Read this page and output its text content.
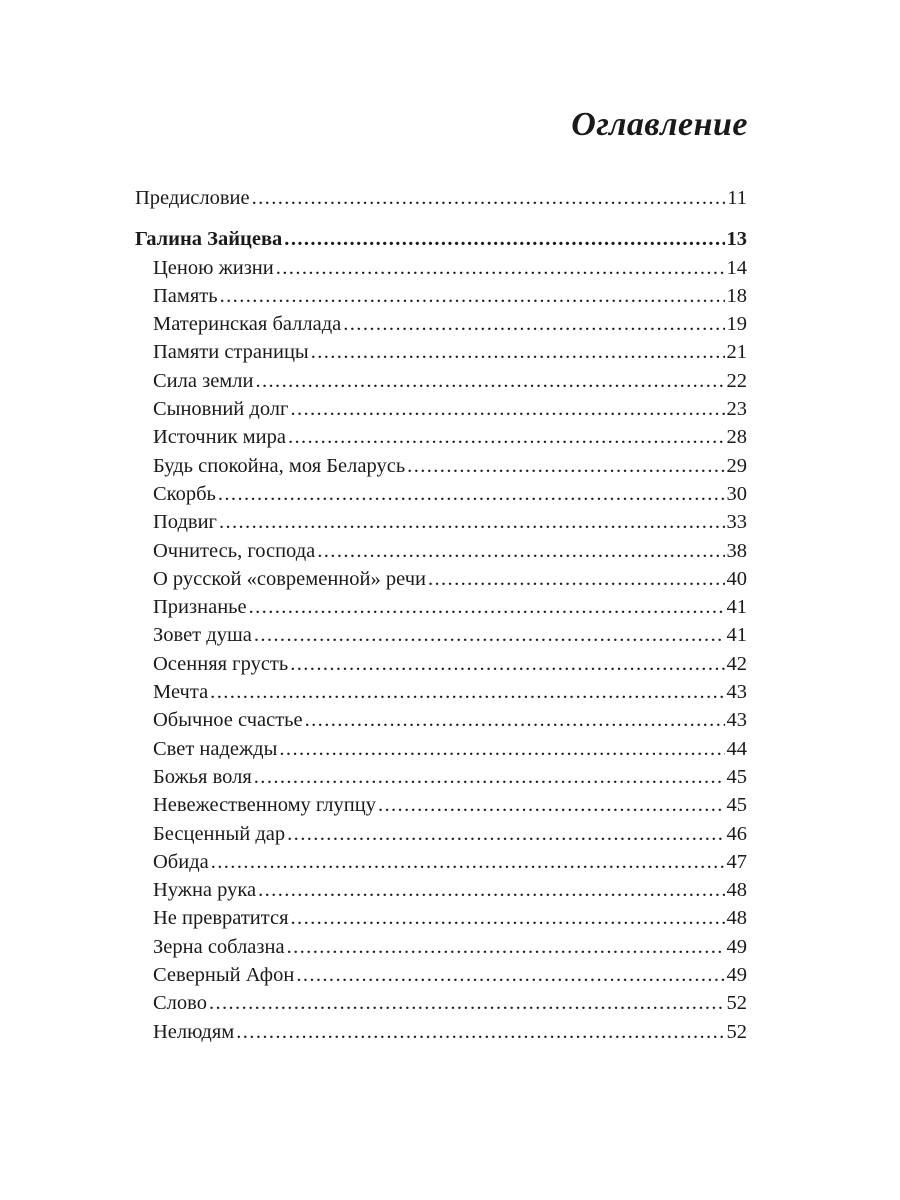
Оглавление
Предисловие .....	11
Галина Зайцева .....	13
Ценою жизни .....	14
Память .....	18
Материнская баллада .....	19
Памяти страницы .....	21
Сила земли .....	22
Сыновний долг .....	23
Источник мира .....	28
Будь спокойна, моя Беларусь .....	29
Скорбь .....	30
Подвиг .....	33
Очнитесь, господа .....	38
О русской «современной» речи .....	40
Признанье .....	41
Зовет душа .....	41
Осенняя грусть .....	42
Мечта .....	43
Обычное счастье .....	43
Свет надежды .....	44
Божья воля .....	45
Невежественному глупцу .....	45
Бесценный дар .....	46
Обида .....	47
Нужна рука .....	48
Не превратится .....	48
Зерна соблазна .....	49
Северный Афон .....	49
Слово .....	52
Нелюдям .....	52
